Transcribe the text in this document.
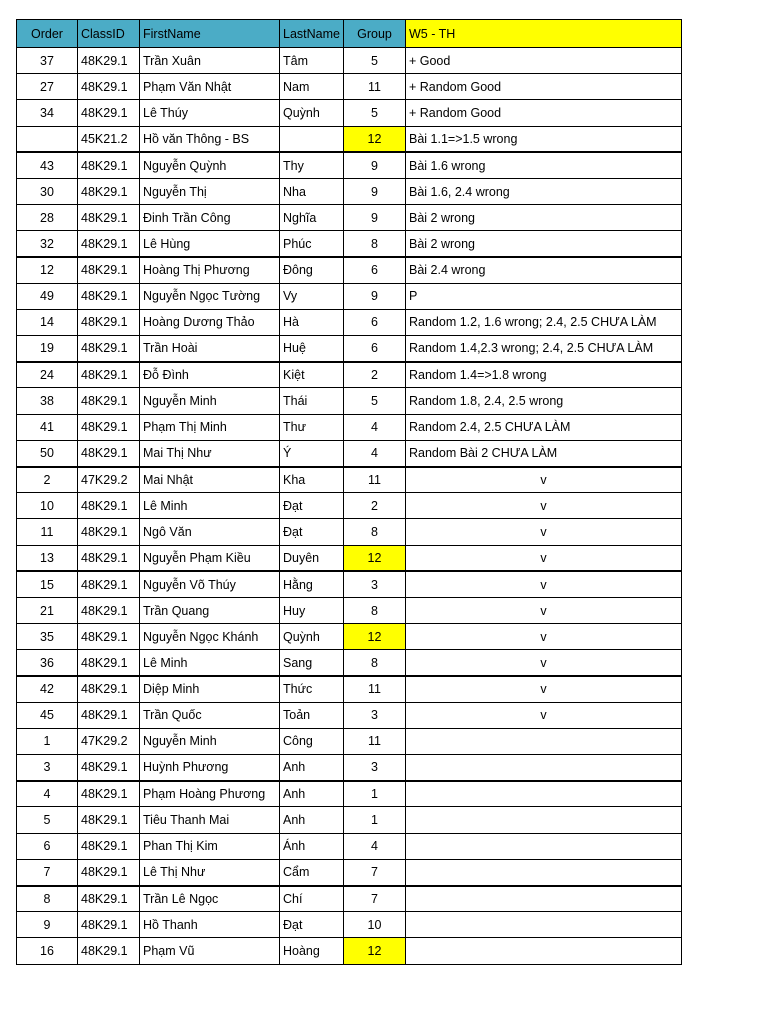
Order	ClassID	FirstName	LastName	Group	W5 - TH
37	48K29.1	Trần Xuân	Tâm	5	+ Good
27	48K29.1	Phạm Văn Nhật	Nam	11	+ Random Good
34	48K29.1	Lê Thúy	Quỳnh	5	+ Random Good
	45K21.2	Hồ văn Thông - BS		12	Bài 1.1=>1.5 wrong
43	48K29.1	Nguyễn Quỳnh	Thy	9	Bài 1.6 wrong
30	48K29.1	Nguyễn Thị	Nha	9	Bài 1.6, 2.4 wrong
28	48K29.1	Đinh Trần Công	Nghĩa	9	Bài 2 wrong
32	48K29.1	Lê Hùng	Phúc	8	Bài 2 wrong
12	48K29.1	Hoàng Thị Phương	Đông	6	Bài 2.4 wrong
49	48K29.1	Nguyễn Ngọc Tường	Vy	9	P
14	48K29.1	Hoàng Dương Thảo	Hà	6	Random 1.2, 1.6 wrong; 2.4, 2.5 CHƯA LÀM
19	48K29.1	Trần Hoài	Huệ	6	Random 1.4,2.3 wrong; 2.4, 2.5 CHƯA LÀM
24	48K29.1	Đỗ Đình	Kiệt	2	Random 1.4=>1.8 wrong
38	48K29.1	Nguyễn Minh	Thái	5	Random 1.8, 2.4, 2.5 wrong
41	48K29.1	Phạm Thị Minh	Thư	4	Random 2.4, 2.5 CHƯA LÀM
50	48K29.1	Mai Thị Như	Ý	4	Random Bài 2 CHƯA LÀM
2	47K29.2	Mai Nhật	Kha	11	v
10	48K29.1	Lê Minh	Đạt	2	v
11	48K29.1	Ngô Văn	Đạt	8	v
13	48K29.1	Nguyễn Phạm Kiều	Duyên	12	v
15	48K29.1	Nguyễn Võ Thúy	Hằng	3	v
21	48K29.1	Trần Quang	Huy	8	v
35	48K29.1	Nguyễn Ngọc Khánh	Quỳnh	12	v
36	48K29.1	Lê Minh	Sang	8	v
42	48K29.1	Diệp Minh	Thức	11	v
45	48K29.1	Trần Quốc	Toản	3	v
1	47K29.2	Nguyễn Minh	Công	11	
3	48K29.1	Huỳnh Phương	Anh	3	
4	48K29.1	Phạm Hoàng Phương	Anh	1	
5	48K29.1	Tiêu Thanh Mai	Anh	1	
6	48K29.1	Phan Thị Kim	Ánh	4	
7	48K29.1	Lê Thị Như	Cẩm	7	
8	48K29.1	Trần Lê Ngọc	Chí	7	
9	48K29.1	Hồ Thanh	Đạt	10	
16	48K29.1	Phạm Vũ	Hoàng	12	
